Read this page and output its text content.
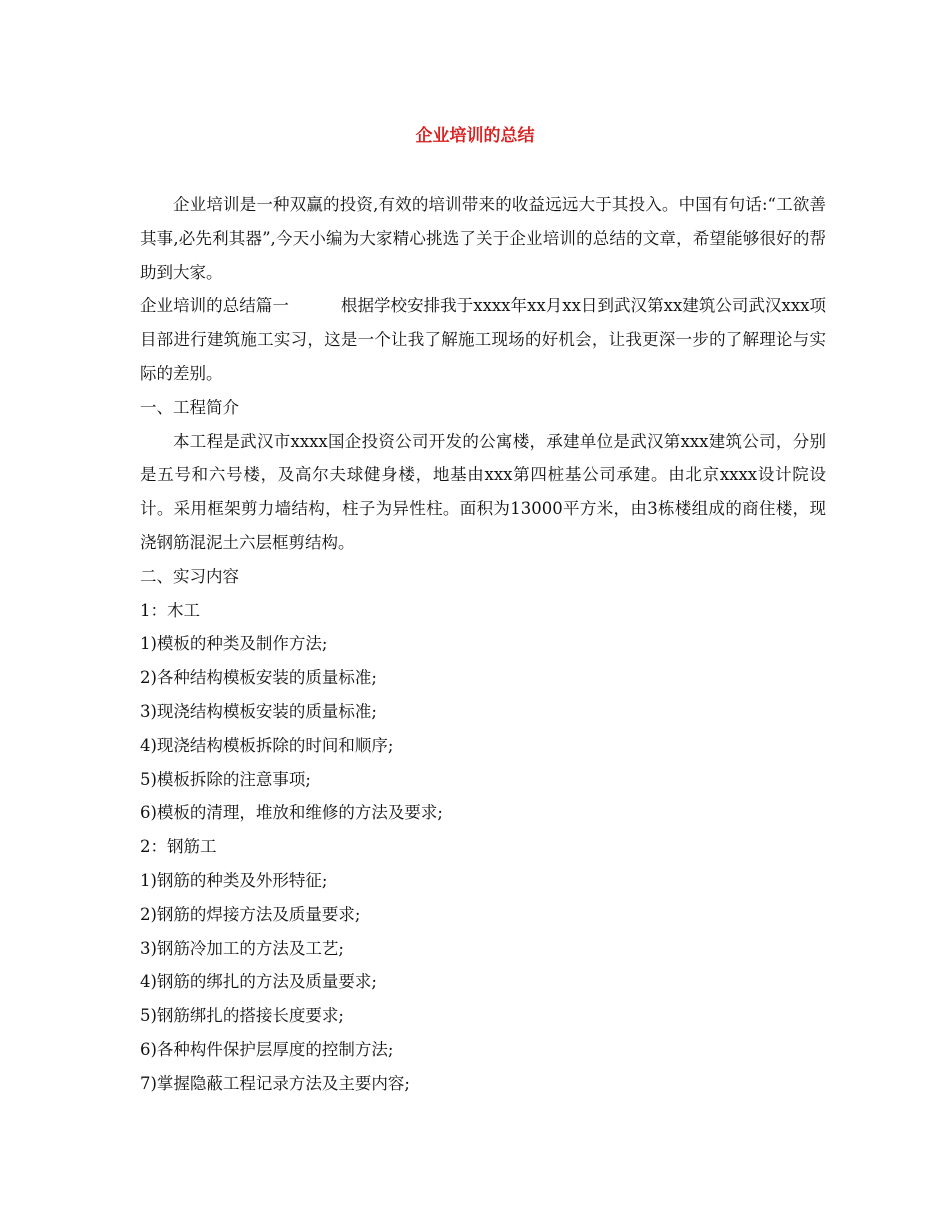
企业培训的总结

企业培训是一种双赢的投资,有效的培训带来的收益远远大于其投入。中国有句话:“工欲善其事,必先利其器”,今天小编为大家精心挑选了关于企业培训的总结的文章，希望能够很好的帮助到大家。

企业培训的总结篇一	根据学校安排我于xxxx年xx月xx日到武汉第xx建筑公司武汉xxx项目部进行建筑施工实习，这是一个让我了解施工现场的好机会，让我更深一步的了解理论与实际的差别。

一、工程简介

本工程是武汉市xxxx国企投资公司开发的公寓楼，承建单位是武汉第xxx建筑公司，分别是五号和六号楼，及高尔夫球健身楼，地基由xxx第四桩基公司承建。由北京xxxx设计院设计。采用框架剪力墙结构，柱子为异性柱。面积为13000平方米，由3栋楼组成的商住楼，现浇钢筋混泥土六层框剪结构。

二、实习内容

1：木工

1)模板的种类及制作方法;

2)各种结构模板安装的质量标准;

3)现浇结构模板安装的质量标准;

4)现浇结构模板拆除的时间和顺序;

5)模板拆除的注意事项;

6)模板的清理，堆放和维修的方法及要求;

2：钢筋工

1)钢筋的种类及外形特征;

2)钢筋的焊接方法及质量要求;

3)钢筋冷加工的方法及工艺;

4)钢筋的绑扎的方法及质量要求;

5)钢筋绑扎的搭接长度要求;

6)各种构件保护层厚度的控制方法;

7)掌握隐蔽工程记录方法及主要内容;
